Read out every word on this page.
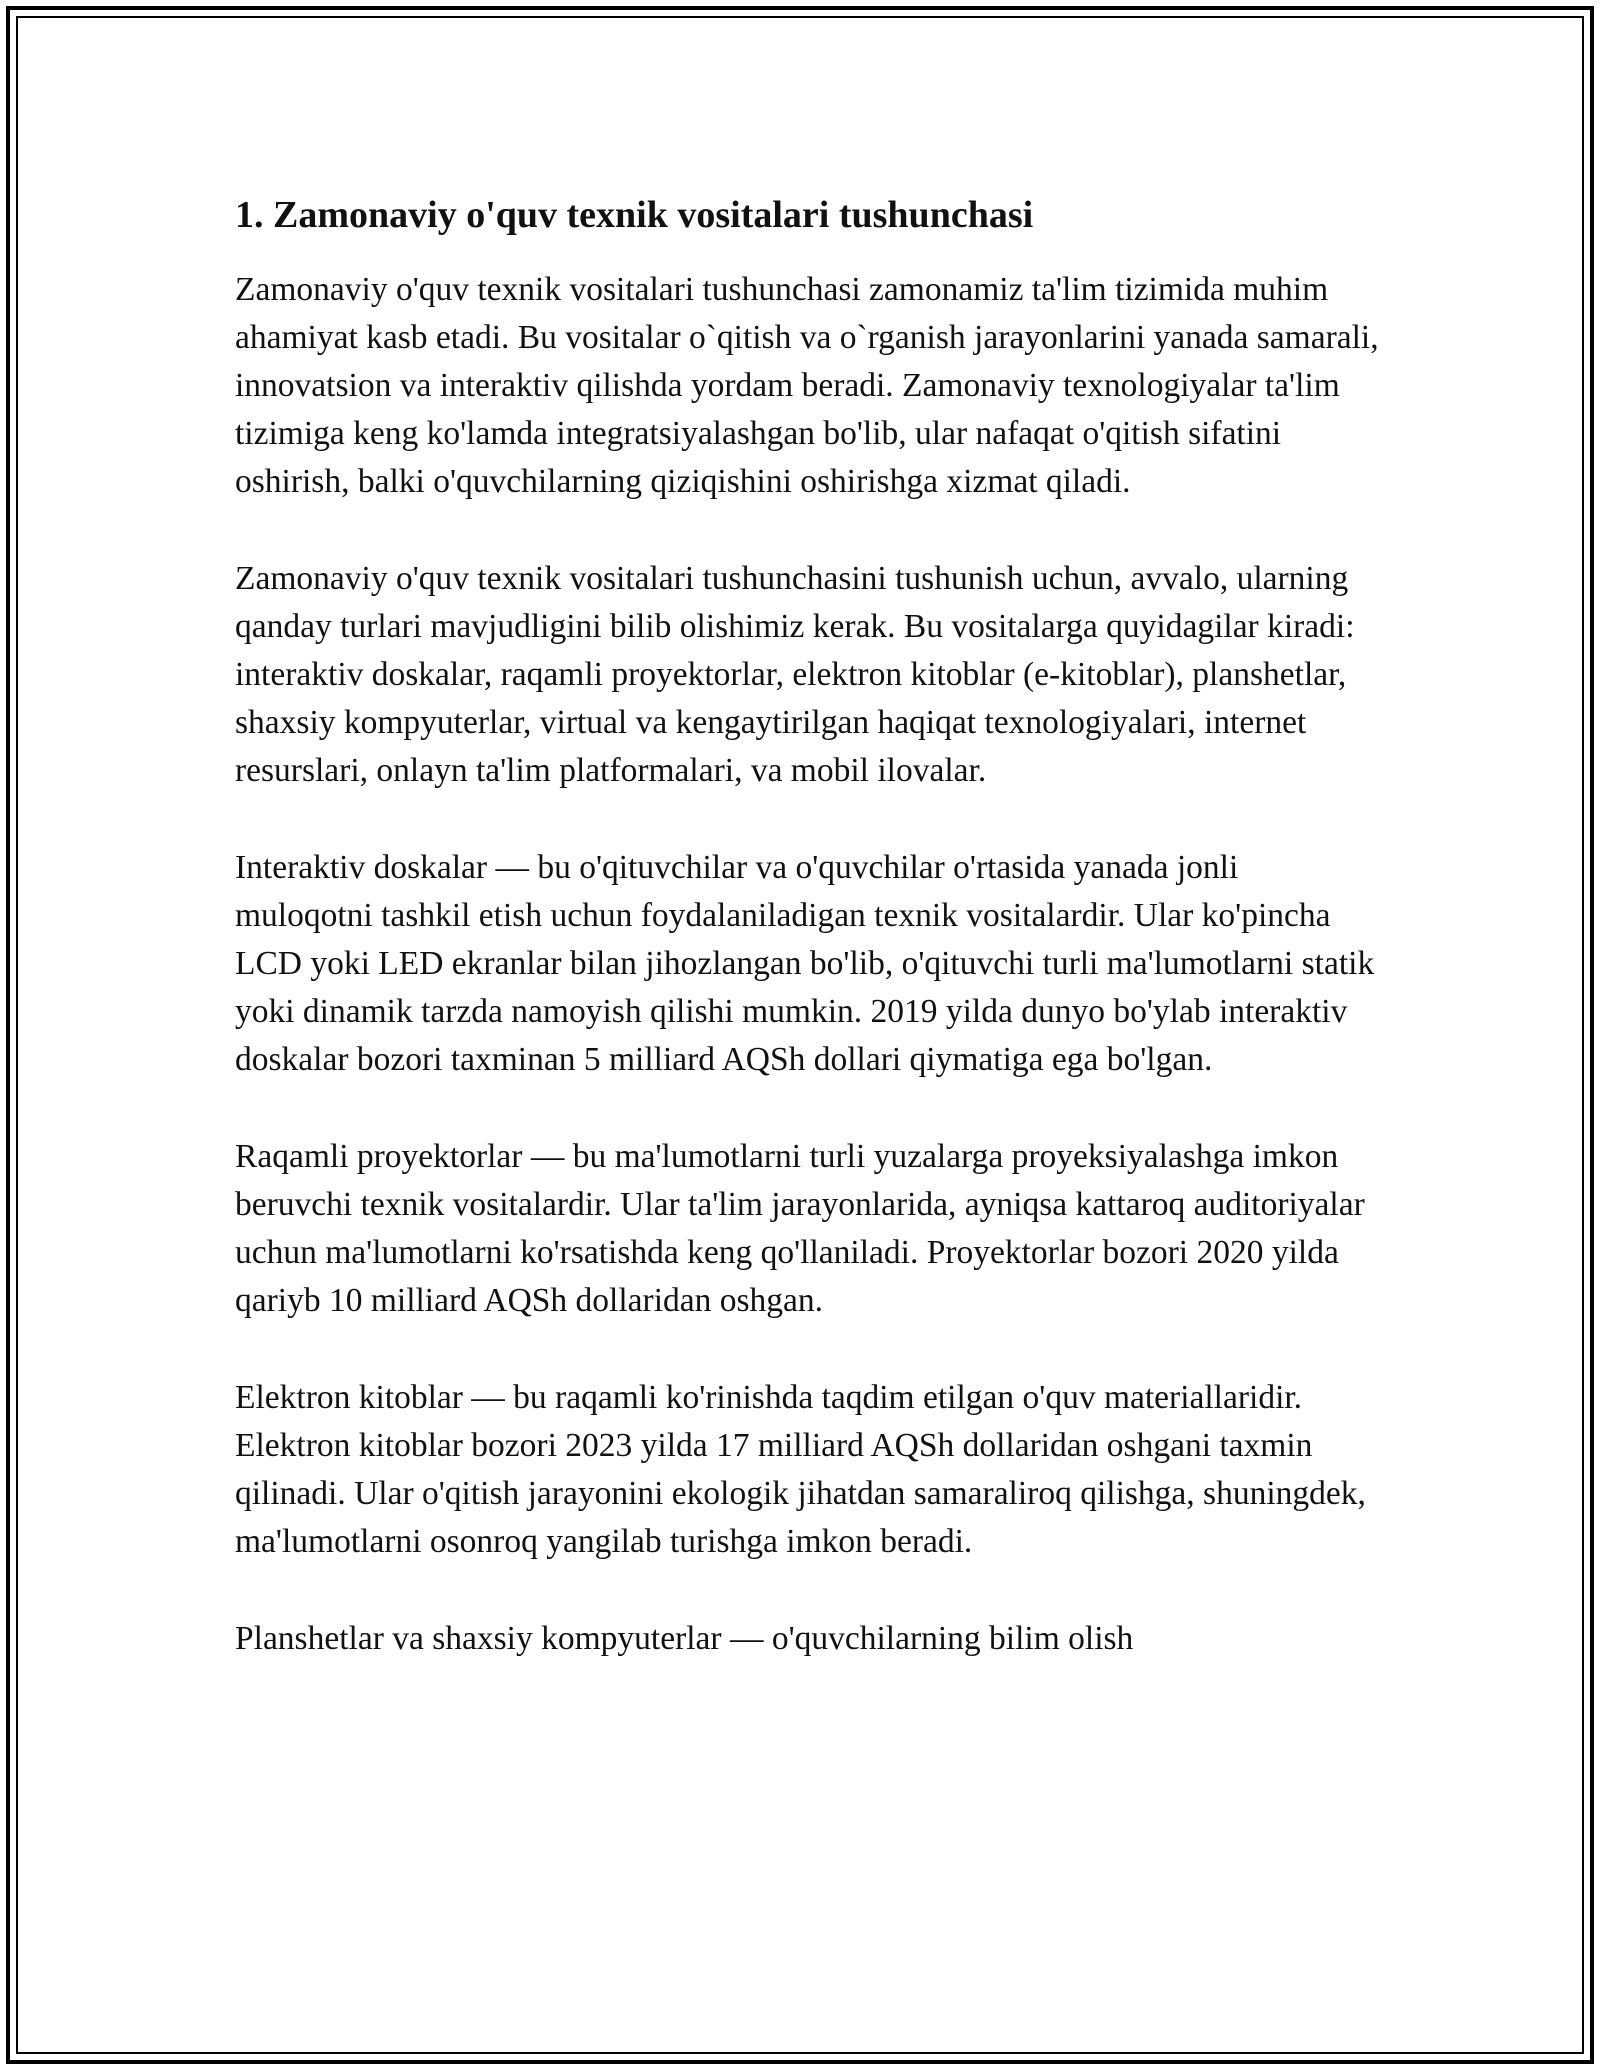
1. Zamonaviy o'quv texnik vositalari tushunchasi

Zamonaviy o'quv texnik vositalari tushunchasi zamonamiz ta'lim tizimida muhim ahamiyat kasb etadi. Bu vositalar o`qitish va o`rganish jarayonlarini yanada samarali, innovatsion va interaktiv qilishda yordam beradi. Zamonaviy texnologiyalar ta'lim tizimiga keng ko'lamda integratsiyalashgan bo'lib, ular nafaqat o'qitish sifatini oshirish, balki o'quvchilarning qiziqishini oshirishga xizmat qiladi.

Zamonaviy o'quv texnik vositalari tushunchasini tushunish uchun, avvalo, ularning qanday turlari mavjudligini bilib olishimiz kerak. Bu vositalarga quyidagilar kiradi: interaktiv doskalar, raqamli proyektorlar, elektron kitoblar (e-kitoblar), planshetlar, shaxsiy kompyuterlar, virtual va kengaytirilgan haqiqat texnologiyalari, internet resurslari, onlayn ta'lim platformalari, va mobil ilovalar.

Interaktiv doskalar — bu o'qituvchilar va o'quvchilar o'rtasida yanada jonli muloqotni tashkil etish uchun foydalaniladigan texnik vositalardir. Ular ko'pincha LCD yoki LED ekranlar bilan jihozlangan bo'lib, o'qituvchi turli ma'lumotlarni statik yoki dinamik tarzda namoyish qilishi mumkin. 2019 yilda dunyo bo'ylab interaktiv doskalar bozori taxminan 5 milliard AQSh dollari qiymatiga ega bo'lgan.

Raqamli proyektorlar — bu ma'lumotlarni turli yuzalarga proyeksiyalashga imkon beruvchi texnik vositalardir. Ular ta'lim jarayonlarida, ayniqsa kattaroq auditoriyalar uchun ma'lumotlarni ko'rsatishda keng qo'llaniladi. Proyektorlar bozori 2020 yilda qariyb 10 milliard AQSh dollaridan oshgan.

Elektron kitoblar — bu raqamli ko'rinishda taqdim etilgan o'quv materiallaridir. Elektron kitoblar bozori 2023 yilda 17 milliard AQSh dollaridan oshgani taxmin qilinadi. Ular o'qitish jarayonini ekologik jihatdan samaraliroq qilishga, shuningdek, ma'lumotlarni osonroq yangilab turishga imkon beradi.

Planshetlar va shaxsiy kompyuterlar — o'quvchilarning bilim olish
